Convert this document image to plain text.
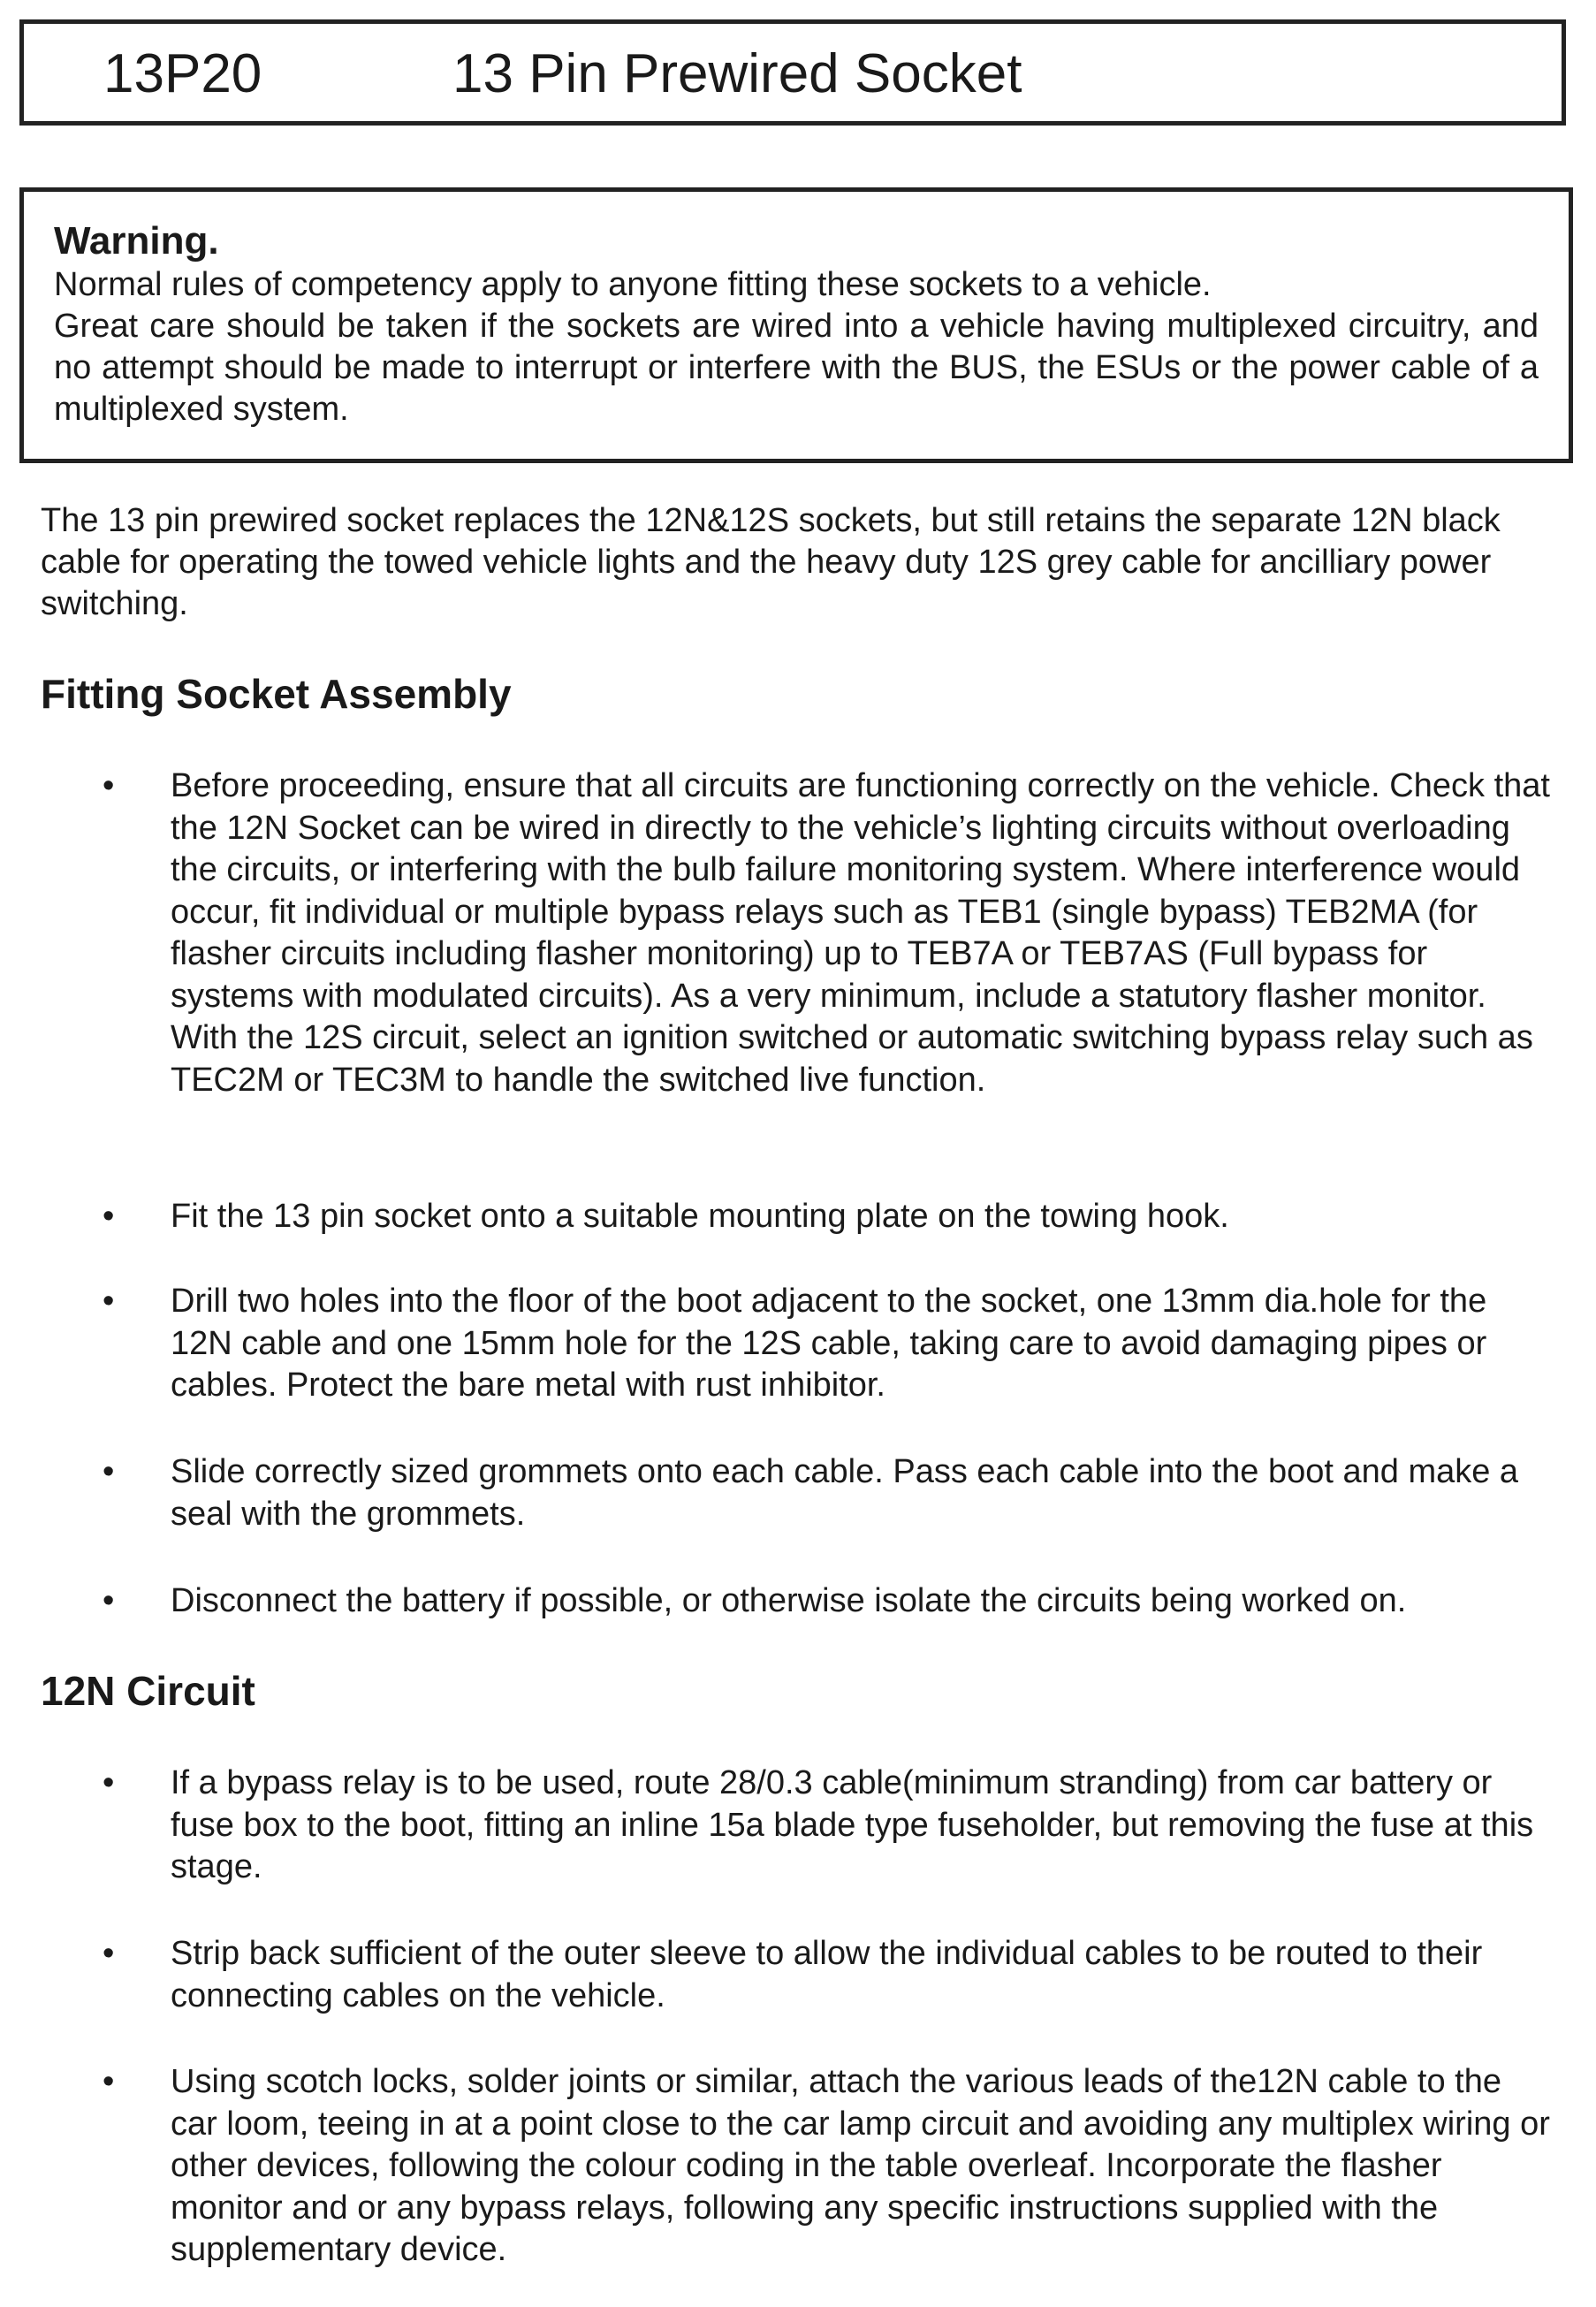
13P20	13 Pin Prewired Socket

Warning.

Normal rules of competency apply to anyone fitting these sockets to a vehicle.

Great care should be taken if the sockets are wired into a vehicle having multiplexed circuitry, and no attempt should be made to interrupt or interfere with the BUS, the ESUs or the power cable of a multiplexed system.

The 13 pin prewired socket replaces the 12N&12S sockets, but still retains the separate 12N black cable for operating the towed vehicle lights and the heavy duty 12S grey cable for ancilliary power switching.

Fitting Socket Assembly
• Before proceeding, ensure that all circuits are functioning correctly on the vehicle. Check that the 12N Socket can be wired in directly to the vehicle’s lighting circuits without overloading the circuits, or interfering with the bulb failure monitoring system. Where interference would occur, fit individual or multiple bypass relays such as TEB1 (single bypass) TEB2MA (for flasher circuits including flasher monitoring) up to TEB7A or TEB7AS (Full bypass for systems with modulated circuits). As a very minimum, include a statutory flasher monitor. With the 12S circuit, select an ignition switched or automatic switching bypass relay such as TEC2M or TEC3M to handle the switched live function.

• Fit the 13 pin socket onto a suitable mounting plate on the towing hook.

• Drill two holes into the floor of the boot adjacent to the socket, one 13mm dia.hole for the 12N cable and one 15mm hole for the 12S cable, taking care to avoid damaging pipes or cables. Protect the bare metal with rust inhibitor.

• Slide correctly sized grommets onto each cable. Pass each cable into the boot and make a seal with the grommets.

• Disconnect the battery if possible, or otherwise isolate the circuits being worked on.

12N Circuit
• If a bypass relay is to be used, route 28/0.3 cable(minimum stranding) from car battery or fuse box to the boot, fitting an inline 15a blade type fuseholder, but removing the fuse at this stage.

• Strip back sufficient of the outer sleeve to allow the individual cables to be routed to their connecting cables on the vehicle.

• Using scotch locks, solder joints or similar, attach the various leads of the12N cable to the car loom, teeing in at a point close to the car lamp circuit and avoiding any multiplex wiring or other devices, following the colour coding in the table overleaf. Incorporate the flasher monitor and or any bypass relays, following any specific instructions supplied with the supplementary device.
